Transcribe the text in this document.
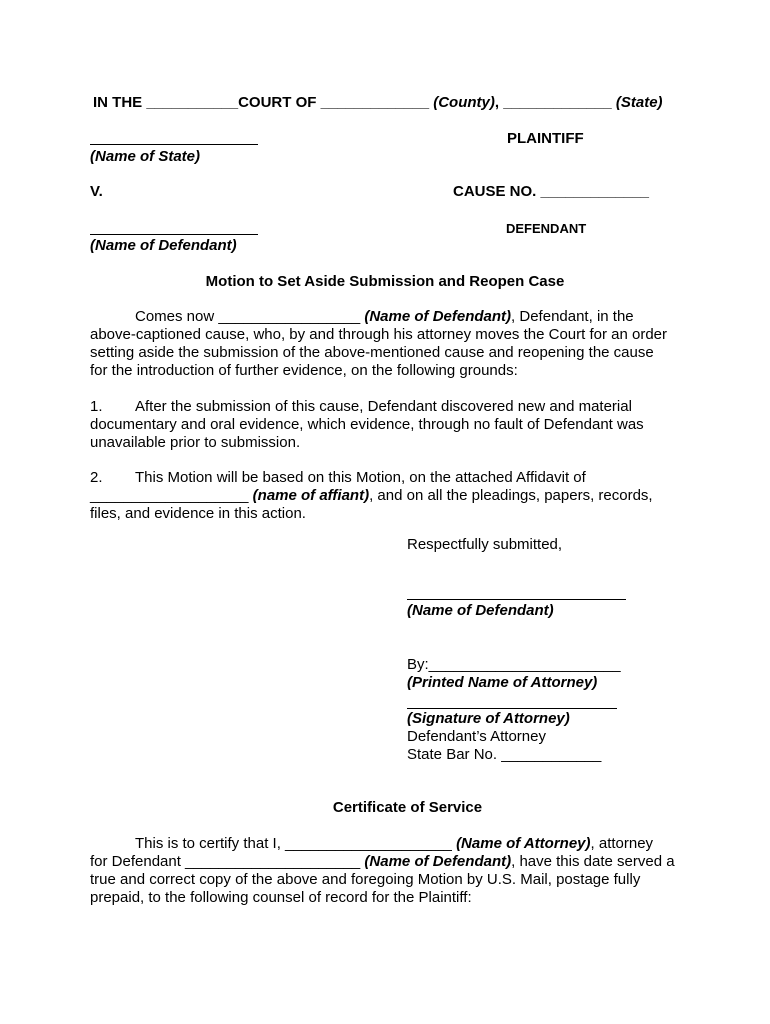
IN THE ___________COURT OF _____________ (County), _____________ (State)
PLAINTIFF
(Name of State)
V.	CAUSE NO. _____________
DEFENDANT
(Name of Defendant)
Motion to Set Aside Submission and Reopen Case
Comes now _________________ (Name of Defendant), Defendant, in the
above-captioned cause, who, by and through his attorney moves the Court for an order
setting aside the submission of the above-mentioned cause and reopening the cause
for the introduction of further evidence, on the following grounds:
1. After the submission of this cause, Defendant discovered new and material
documentary and oral evidence, which evidence, through no fault of Defendant was
unavailable prior to submission.
2. This Motion will be based on this Motion, on the attached Affidavit of
___________________ (name of affiant), and on all the pleadings, papers, records,
files, and evidence in this action.
Respectfully submitted,
(Name of Defendant)
By:_______________________
(Printed Name of Attorney)
(Signature of Attorney)
Defendant’s Attorney
State Bar No. ____________
Certificate of Service
This is to certify that I, ____________________ (Name of Attorney), attorney
for Defendant _____________________ (Name of Defendant), have this date served a
true and correct copy of the above and foregoing Motion by U.S. Mail, postage fully
prepaid, to the following counsel of record for the Plaintiff:
